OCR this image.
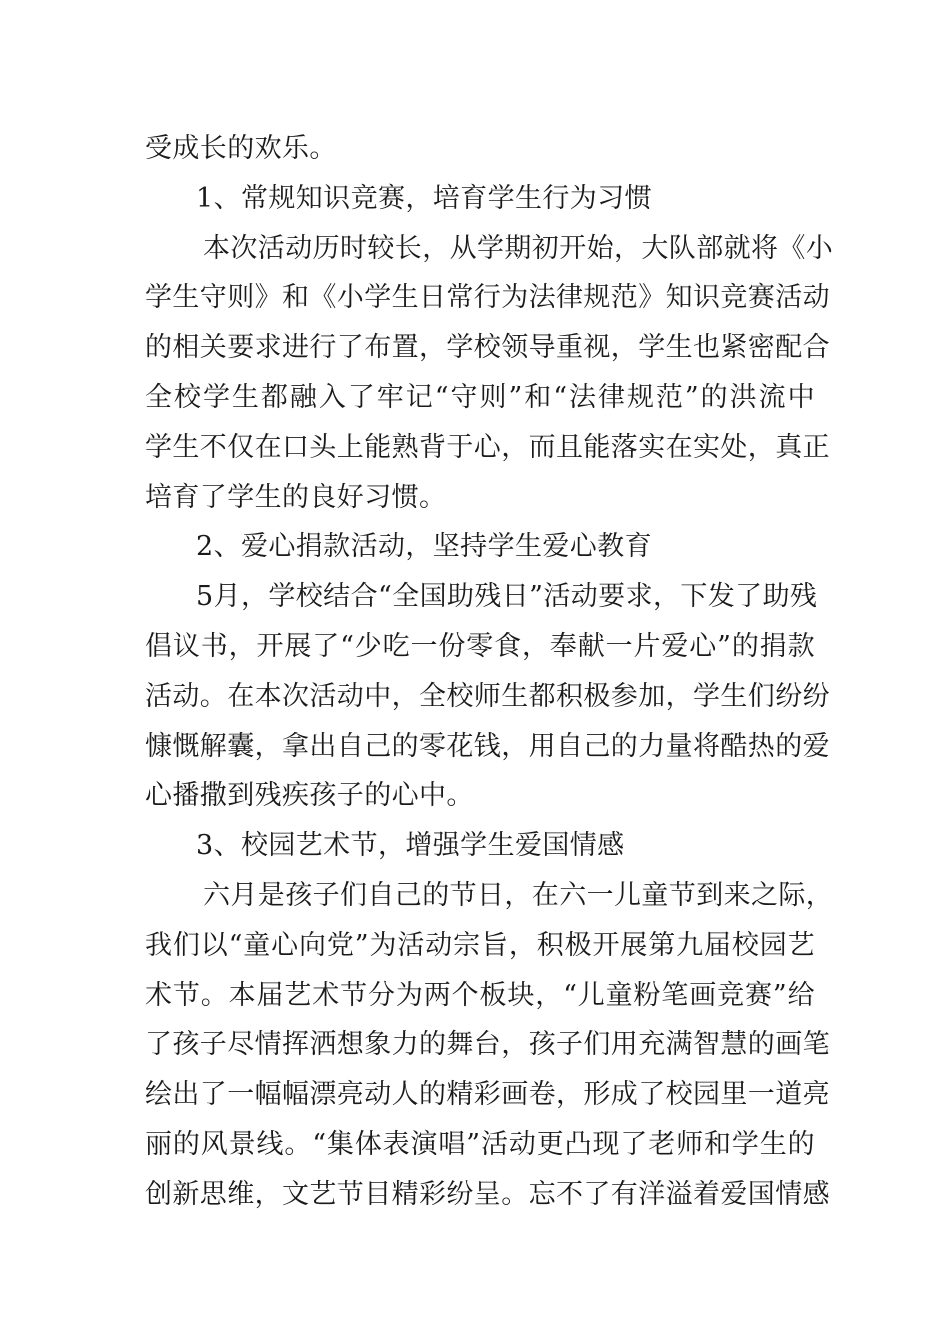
受成长的欢乐。
1、常规知识竞赛，培育学生行为习惯
本次活动历时较长，从学期初开始，大队部就将《小
学生守则》和《小学生日常行为法律规范》知识竞赛活动
的相关要求进行了布置，学校领导重视，学生也紧密配合
全校学生都融入了牢记“守则”和“法律规范”的洪流中
学生不仅在口头上能熟背于心，而且能落实在实处，真正
培育了学生的良好习惯。
2、爱心捐款活动，坚持学生爱心教育
5月，学校结合“全国助残日”活动要求，下发了助残
倡议书，开展了“少吃一份零食，奉献一片爱心”的捐款
活动。在本次活动中，全校师生都积极参加，学生们纷纷
慷慨解囊，拿出自己的零花钱，用自己的力量将酷热的爱
心播撒到残疾孩子的心中。
3、校园艺术节，增强学生爱国情感
六月是孩子们自己的节日，在六一儿童节到来之际，
我们以“童心向党”为活动宗旨，积极开展第九届校园艺
术节。本届艺术节分为两个板块，“儿童粉笔画竞赛”给
了孩子尽情挥洒想象力的舞台，孩子们用充满智慧的画笔
绘出了一幅幅漂亮动人的精彩画卷，形成了校园里一道亮
丽的风景线。“集体表演唱”活动更凸现了老师和学生的
创新思维，文艺节目精彩纷呈。忘不了有洋溢着爱国情感
